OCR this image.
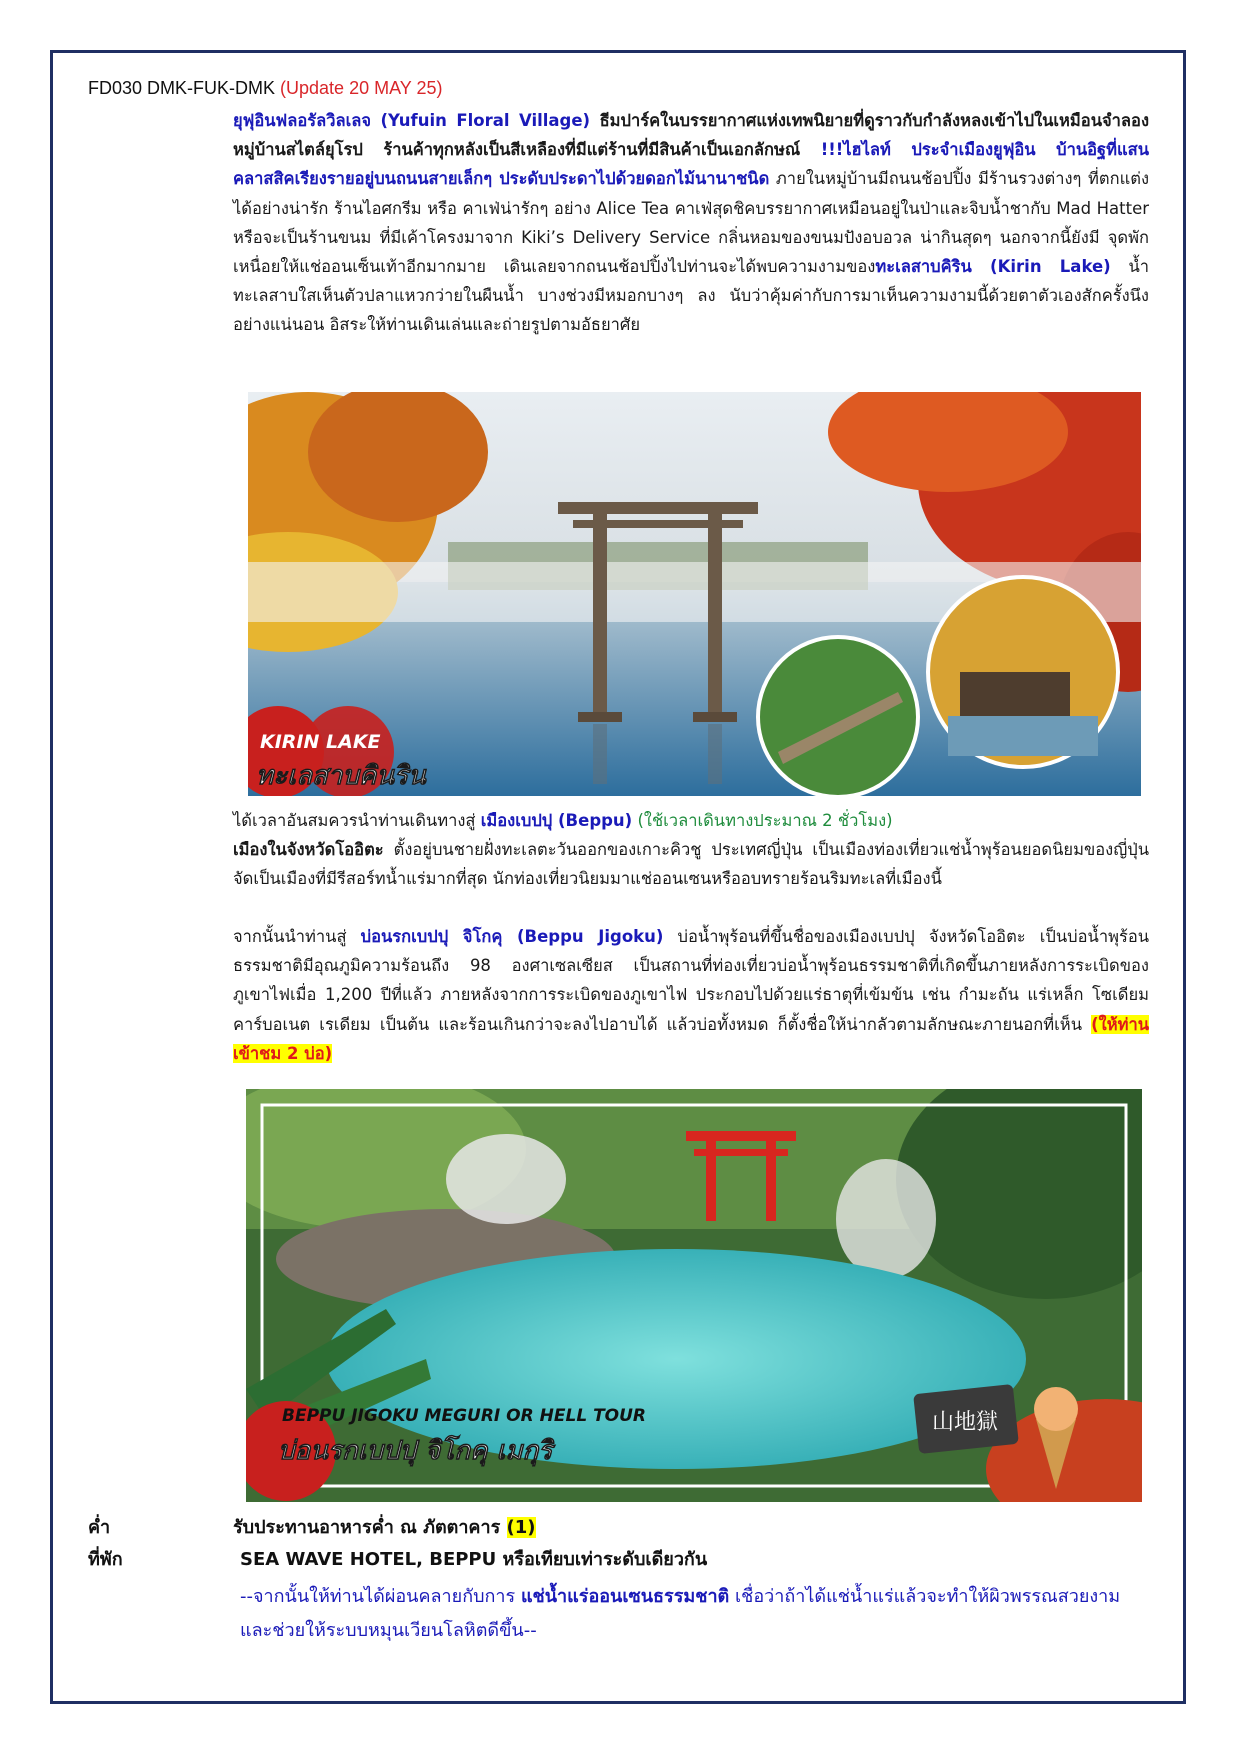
FD030 DMK-FUK-DMK (Update 20 MAY 25)

ยุฟุอินฟลอรัลวิลเลจ (Yufuin Floral Village) ธีมปาร์คในบรรยากาศแห่งเทพนิยายที่ดูราวกับกำลังหลงเข้าไปในเหมือนจำลองหมู่บ้านสไตล์ยุโรป ร้านค้าทุกหลังเป็นสีเหลืองที่มีแต่ร้านที่มีสินค้าเป็นเอกลักษณ์ !!!ไฮไลท์ ประจำเมืองยูฟุอิน บ้านอิฐที่แสนคลาสสิคเรียงรายอยู่บนถนนสายเล็กๆ ประดับประดาไปด้วยดอกไม้นานาชนิด ภายในหมู่บ้านมีถนนช้อปปิ้ง มีร้านรวงต่างๆ ที่ตกแต่งได้อย่างน่ารัก ร้านไอศกรีม หรือ คาเฟ่น่ารักๆ อย่าง Alice Tea คาเฟ่สุดชิคบรรยากาศเหมือนอยู่ในป่าและจิบน้ำชากับ Mad Hatter หรือจะเป็นร้านขนม ที่มีเค้าโครงมาจาก Kiki’s Delivery Service กลิ่นหอมของขนมปังอบอวล น่ากินสุดๆ นอกจากนี้ยังมี จุดพักเหนื่อยให้แช่ออนเซ็นเท้าอีกมากมาย เดินเลยจากถนนช้อปปิ้งไปท่านจะได้พบความงามของทะเลสาบคิริน (Kirin Lake) น้ำทะเลสาบใสเห็นตัวปลาแหวกว่ายในผืนน้ำ บางช่วงมีหมอกบางๆ ลง นับว่าคุ้มค่ากับการมาเห็นความงามนี้ด้วยตาตัวเองสักครั้งนึงอย่างแน่นอน อิสระให้ท่านเดินเล่นและถ่ายรูปตามอัธยาศัย

KIRIN LAKE
ทะเลสาบคินริน

ได้เวลาอันสมควรนำท่านเดินทางสู่ เมืองเบปปุ (Beppu) (ใช้เวลาเดินทางประมาณ 2 ชั่วโมง)
เมืองในจังหวัดโออิตะ ตั้งอยู่บนชายฝั่งทะเลตะวันออกของเกาะคิวชู ประเทศญี่ปุ่น เป็นเมืองท่องเที่ยวแช่น้ำพุร้อนยอดนิยมของญี่ปุ่น จัดเป็นเมืองที่มีรีสอร์ทน้ำแร่มากที่สุด นักท่องเที่ยวนิยมมาแช่ออนเซนหรืออบทรายร้อนริมทะเลที่เมืองนี้

จากนั้นนำท่านสู่ บ่อนรกเบปปุ จิโกคุ (Beppu Jigoku) บ่อน้ำพุร้อนที่ขึ้นชื่อของเมืองเบปปุ จังหวัดโออิตะ เป็นบ่อน้ำพุร้อนธรรมชาติมีอุณภูมิความร้อนถึง 98 องศาเซลเซียส เป็นสถานที่ท่องเที่ยวบ่อน้ำพุร้อนธรรมชาติที่เกิดขึ้นภายหลังการระเบิดของภูเขาไฟเมื่อ 1,200 ปีที่แล้ว ภายหลังจากการระเบิดของภูเขาไฟ ประกอบไปด้วยแร่ธาตุที่เข้มข้น เช่น กำมะถัน แร่เหล็ก โซเดียม คาร์บอเนต เรเดียม เป็นต้น และร้อนเกินกว่าจะลงไปอาบได้ แล้วบ่อทั้งหมด ก็ตั้งชื่อให้น่ากลัวตามลักษณะภายนอกที่เห็น (ให้ท่านเข้าชม 2 บ่อ)

山地獄
BEPPU JIGOKU MEGURI OR HELL TOUR
บ่อนรกเบปปุ จิโกคุ เมกุริ
ค่ำ	รับประทานอาหารค่ำ ณ ภัตตาคาร (1)
ที่พัก	SEA WAVE HOTEL, BEPPU หรือเทียบเท่าระดับเดียวกัน

--จากนั้นให้ท่านได้ผ่อนคลายกับการ แช่น้ำแร่ออนเซนธรรมชาติ เชื่อว่าถ้าได้แช่น้ำแร่แล้วจะทำให้ผิวพรรณสวยงามและช่วยให้ระบบหมุนเวียนโลหิตดีขึ้น--
